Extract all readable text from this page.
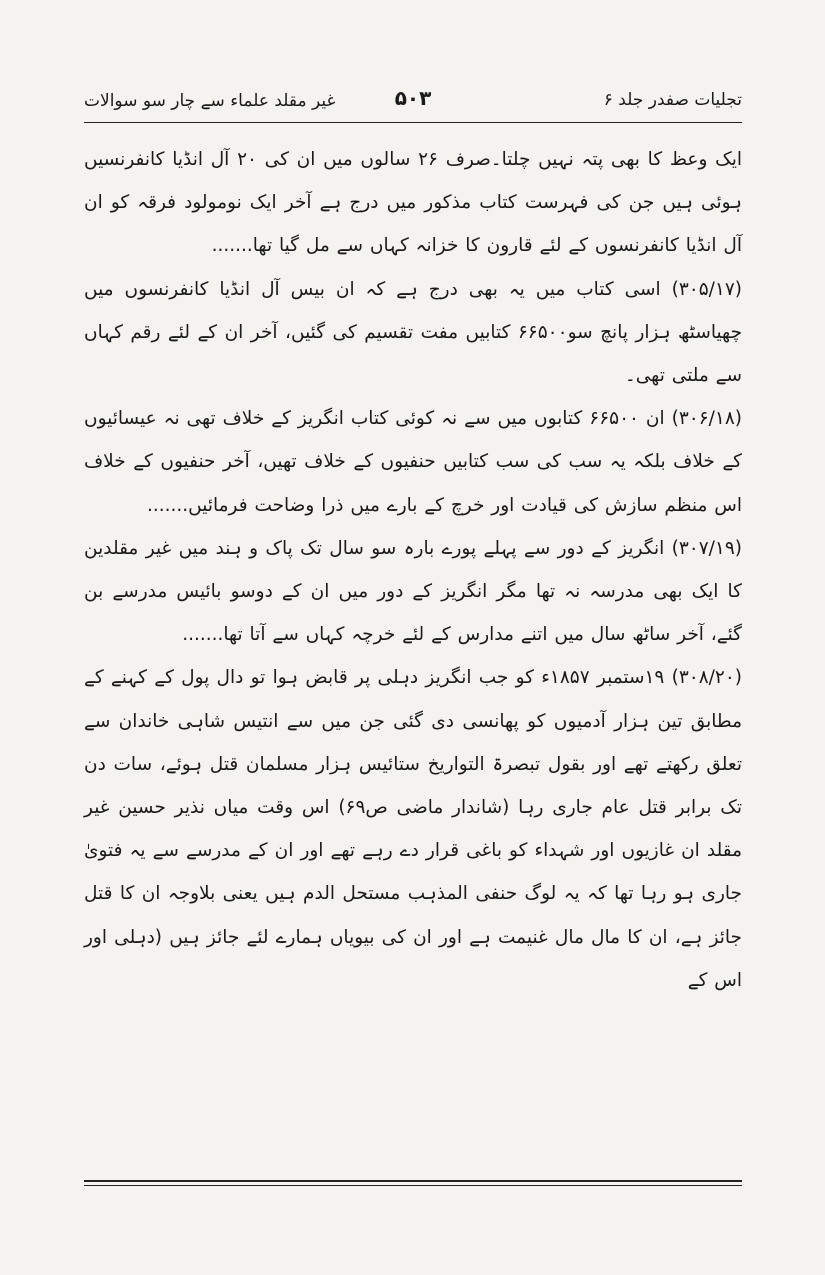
تجلیات صفدر جلد ۶
۵۰۳
غیر مقلد علماء سے چار سو سوالات

ایک وعظ کا بھی پتہ نہیں چلتا۔صرف ۲۶ سالوں میں ان کی ۲۰ آل انڈیا کانفرنسیں ہوئی ہیں جن کی فہرست کتاب مذکور میں درج ہے آخر ایک نومولود فرقہ کو ان آل انڈیا کانفرنسوں کے لئے قارون کا خزانہ کہاں سے مل گیا تھا.......

(۳۰۵/۱۷) اسی کتاب میں یہ بھی درج ہے کہ ان بیس آل انڈیا کانفرنسوں میں چھیاسٹھ ہزار پانچ سو۶۶۵۰۰ کتابیں مفت تقسیم کی گئیں، آخر ان کے لئے رقم کہاں سے ملتی تھی۔

(۳۰۶/۱۸) ان ۶۶۵۰۰ کتابوں میں سے نہ کوئی کتاب انگریز کے خلاف تھی نہ عیسائیوں کے خلاف بلکہ یہ سب کی سب کتابیں حنفیوں کے خلاف تھیں، آخر حنفیوں کے خلاف اس منظم سازش کی قیادت اور خرچ کے بارے میں ذرا وضاحت فرمائیں.......

(۳۰۷/۱۹) انگریز کے دور سے پہلے پورے بارہ سو سال تک پاک و ہند میں غیر مقلدین کا ایک بھی مدرسہ نہ تھا مگر انگریز کے دور میں ان کے دوسو بائیس مدرسے بن گئے، آخر ساٹھ سال میں اتنے مدارس کے لئے خرچہ کہاں سے آتا تھا.......

(۳۰۸/۲۰) ۱۹ستمبر ۱۸۵۷ء کو جب انگریز دہلی پر قابض ہوا تو دال پول کے کہنے کے مطابق تین ہزار آدمیوں کو پھانسی دی گئی جن میں سے انتیس شاہی خاندان سے تعلق رکھتے تھے اور بقول تبصرۃ التواریخ ستائیس ہزار مسلمان قتل ہوئے، سات دن تک برابر قتل عام جاری رہا (شاندار ماضی ص۶۹) اس وقت میاں نذیر حسین غیر مقلد ان غازیوں اور شہداء کو باغی قرار دے رہے تھے اور ان کے مدرسے سے یہ فتویٰ جاری ہو رہا تھا کہ یہ لوگ حنفی المذہب مستحل الدم ہیں یعنی بلاوجہ ان کا قتل جائز ہے، ان کا مال مال غنیمت ہے اور ان کی بیویاں ہمارے لئے جائز ہیں (دہلی اور اس کے
